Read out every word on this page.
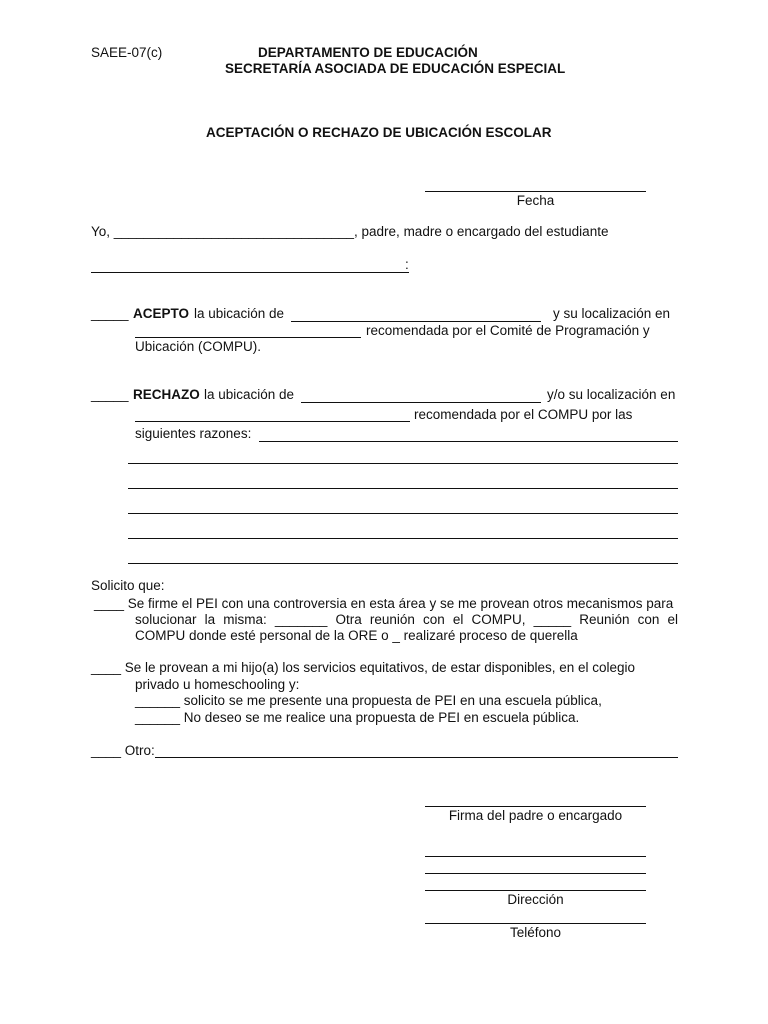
SAEE-07(c)	DEPARTAMENTO DE EDUCACIÓN
SECRETARÍA ASOCIADA DE EDUCACIÓN ESPECIAL
ACEPTACIÓN O RECHAZO DE UBICACIÓN ESCOLAR
Fecha
Yo, ________________________________, padre, madre o encargado del estudiante
:
_____ ACEPTO la ubicación de	y su localización en
recomendada por el Comité de Programación y
Ubicación (COMPU).
_____ RECHAZO la ubicación de	y/o su localización en
recomendada por el COMPU por las
siguientes razones:
Solicito que:
____ Se firme el PEI con una controversia en esta área y se me provean otros mecanismos para
solucionar la misma: _______ Otra reunión con el COMPU, _____ Reunión con el
COMPU donde esté personal de la ORE o _ realizaré proceso de querella
____ Se le provean a mi hijo(a) los servicios equitativos, de estar disponibles, en el colegio
privado u homeschooling y:
______ solicito se me presente una propuesta de PEI en una escuela pública,
______ No deseo se me realice una propuesta de PEI en escuela pública.
____ Otro:
Firma del padre o encargado
Dirección
Teléfono
